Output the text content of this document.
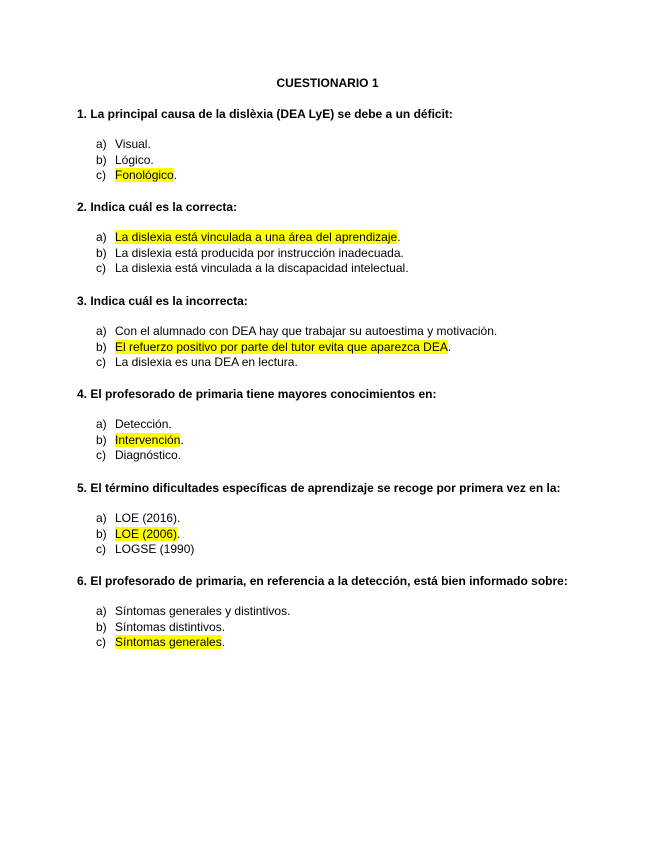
CUESTIONARIO 1
1. La principal causa de la dislèxia (DEA LyE) se debe a un déficit:
a) Visual.
b) Lógico.
c) Fonológico.
2. Indica cuál es la correcta:
a) La dislexia está vinculada a una área del aprendizaje.
b) La dislexia está producida por instrucción inadecuada.
c) La dislexia está vinculada a la discapacidad intelectual.
3. Indica cuál es la incorrecta:
a) Con el alumnado con DEA hay que trabajar su autoestima y motivación.
b) El refuerzo positivo por parte del tutor evita que aparezca DEA.
c) La dislexia es una DEA en lectura.
4. El profesorado de primaria tiene mayores conocimientos en:
a) Detección.
b) Intervención.
c) Diagnóstico.
5. El término dificultades específicas de aprendizaje se recoge por primera vez en la:
a) LOE (2016).
b) LOE (2006).
c) LOGSE (1990)
6. El profesorado de primaria, en referencia a la detección, está bien informado sobre:
a) Síntomas generales y distintivos.
b) Síntomas distintivos.
c) Síntomas generales.
